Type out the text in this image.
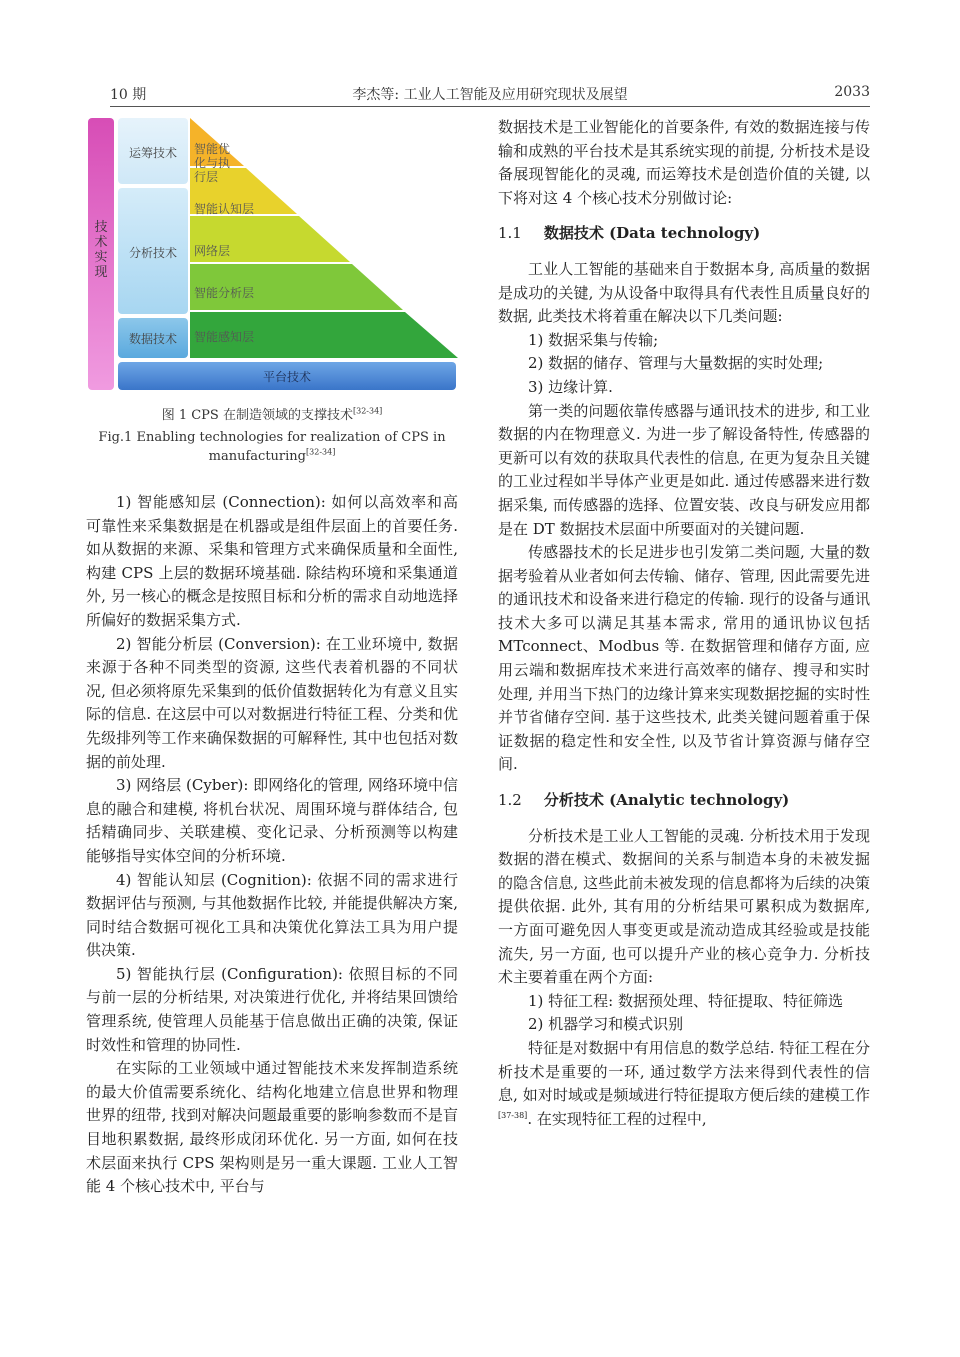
10 期	李杰等: 工业人工智能及应用研究现状及展望	2033
技术实现
运筹技术
分析技术
数据技术
平台技术
智能优化与执行层
智能认知层
网络层
智能分析层
智能感知层
图 1 CPS 在制造领域的支撑技术[32-34]
Fig.1 Enabling technologies for realization of CPS in
manufacturing[32-34]

1) 智能感知层 (Connection): 如何以高效率和高可靠性来采集数据是在机器或是组件层面上的首要任务. 如从数据的来源、采集和管理方式来确保质量和全面性, 构建 CPS 上层的数据环境基础. 除结构环境和采集通道外, 另一核心的概念是按照目标和分析的需求自动地选择所偏好的数据采集方式.

2) 智能分析层 (Conversion): 在工业环境中, 数据来源于各种不同类型的资源, 这些代表着机器的不同状况, 但必须将原先采集到的低价值数据转化为有意义且实际的信息. 在这层中可以对数据进行特征工程、分类和优先级排列等工作来确保数据的可解释性, 其中也包括对数据的前处理.

3) 网络层 (Cyber): 即网络化的管理, 网络环境中信息的融合和建模, 将机台状况、周围环境与群体结合, 包括精确同步、关联建模、变化记录、分析预测等以构建能够指导实体空间的分析环境.

4) 智能认知层 (Cognition): 依据不同的需求进行数据评估与预测, 与其他数据作比较, 并能提供解决方案, 同时结合数据可视化工具和决策优化算法工具为用户提供决策.

5) 智能执行层 (Configuration): 依照目标的不同与前一层的分析结果, 对决策进行优化, 并将结果回馈给管理系统, 使管理人员能基于信息做出正确的决策, 保证时效性和管理的协同性.

在实际的工业领域中通过智能技术来发挥制造系统的最大价值需要系统化、结构化地建立信息世界和物理世界的纽带, 找到对解决问题最重要的影响参数而不是盲目地积累数据, 最终形成闭环优化. 另一方面, 如何在技术层面来执行 CPS 架构则是另一重大课题. 工业人工智能 4 个核心技术中, 平台与

数据技术是工业智能化的首要条件, 有效的数据连接与传输和成熟的平台技术是其系统实现的前提, 分析技术是设备展现智能化的灵魂, 而运筹技术是创造价值的关键, 以下将对这 4 个核心技术分别做讨论:

1.1 数据技术 (Data technology)

工业人工智能的基础来自于数据本身, 高质量的数据是成功的关键, 为从设备中取得具有代表性且质量良好的数据, 此类技术将着重在解决以下几类问题:

1) 数据采集与传输;

2) 数据的储存、管理与大量数据的实时处理;

3) 边缘计算.

第一类的问题依靠传感器与通讯技术的进步, 和工业数据的内在物理意义. 为进一步了解设备特性, 传感器的更新可以有效的获取具代表性的信息, 在更为复杂且关键的工业过程如半导体产业更是如此. 通过传感器来进行数据采集, 而传感器的选择、位置安装、改良与研发应用都是在 DT 数据技术层面中所要面对的关键问题.

传感器技术的长足进步也引发第二类问题, 大量的数据考验着从业者如何去传输、储存、管理, 因此需要先进的通讯技术和设备来进行稳定的传输. 现行的设备与通讯技术大多可以满足其基本需求, 常用的通讯协议包括 MTconnect、Modbus 等. 在数据管理和储存方面, 应用云端和数据库技术来进行高效率的储存、搜寻和实时处理, 并用当下热门的边缘计算来实现数据挖掘的实时性并节省储存空间. 基于这些技术, 此类关键问题着重于保证数据的稳定性和安全性, 以及节省计算资源与储存空间.

1.2 分析技术 (Analytic technology)

分析技术是工业人工智能的灵魂. 分析技术用于发现数据的潜在模式、数据间的关系与制造本身的未被发掘的隐含信息, 这些此前未被发现的信息都将为后续的决策提供依据. 此外, 其有用的分析结果可累积成为数据库, 一方面可避免因人事变更或是流动造成其经验或是技能流失, 另一方面, 也可以提升产业的核心竞争力. 分析技术主要着重在两个方面:

1) 特征工程: 数据预处理、特征提取、特征筛选

2) 机器学习和模式识别

特征是对数据中有用信息的数学总结. 特征工程在分析技术是重要的一环, 通过数学方法来得到代表性的信息, 如对时域或是频域进行特征提取方便后续的建模工作[37-38]. 在实现特征工程的过程中,
